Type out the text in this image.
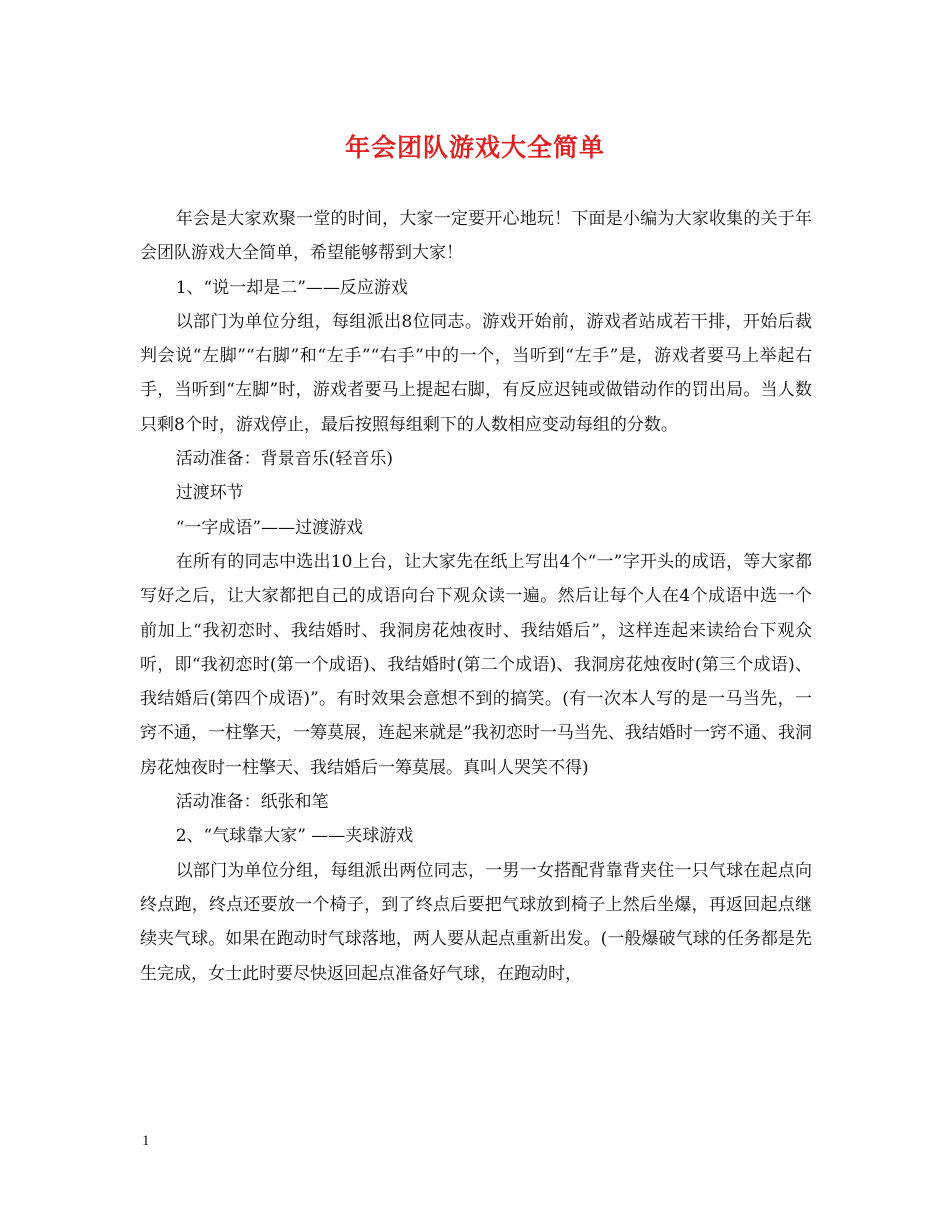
年会团队游戏大全简单

年会是大家欢聚一堂的时间，大家一定要开心地玩！下面是小编为大家收集的关于年会团队游戏大全简单，希望能够帮到大家！

1、“说一却是二”——反应游戏

以部门为单位分组，每组派出8位同志。游戏开始前，游戏者站成若干排，开始后裁判会说“左脚”“右脚”和“左手”“右手”中的一个，当听到“左手”是，游戏者要马上举起右手，当听到“左脚”时，游戏者要马上提起右脚，有反应迟钝或做错动作的罚出局。当人数只剩8个时，游戏停止，最后按照每组剩下的人数相应变动每组的分数。

活动准备：背景音乐(轻音乐)

过渡环节

“一字成语”——过渡游戏

在所有的同志中选出10上台，让大家先在纸上写出4个“一”字开头的成语，等大家都写好之后，让大家都把自己的成语向台下观众读一遍。然后让每个人在4个成语中选一个前加上“我初恋时、我结婚时、我洞房花烛夜时、我结婚后”，这样连起来读给台下观众听，即“我初恋时(第一个成语)、我结婚时(第二个成语)、我洞房花烛夜时(第三个成语)、我结婚后(第四个成语)”。有时效果会意想不到的搞笑。(有一次本人写的是一马当先，一窍不通，一柱擎天，一筹莫展，连起来就是”我初恋时一马当先、我结婚时一窍不通、我洞房花烛夜时一柱擎天、我结婚后一筹莫展。真叫人哭笑不得)

活动准备：纸张和笔

2、“气球靠大家” ——夹球游戏

以部门为单位分组，每组派出两位同志，一男一女搭配背靠背夹住一只气球在起点向终点跑，终点还要放一个椅子，到了终点后要把气球放到椅子上然后坐爆，再返回起点继续夹气球。如果在跑动时气球落地，两人要从起点重新出发。(一般爆破气球的任务都是先生完成，女士此时要尽快返回起点准备好气球，在跑动时，

1
